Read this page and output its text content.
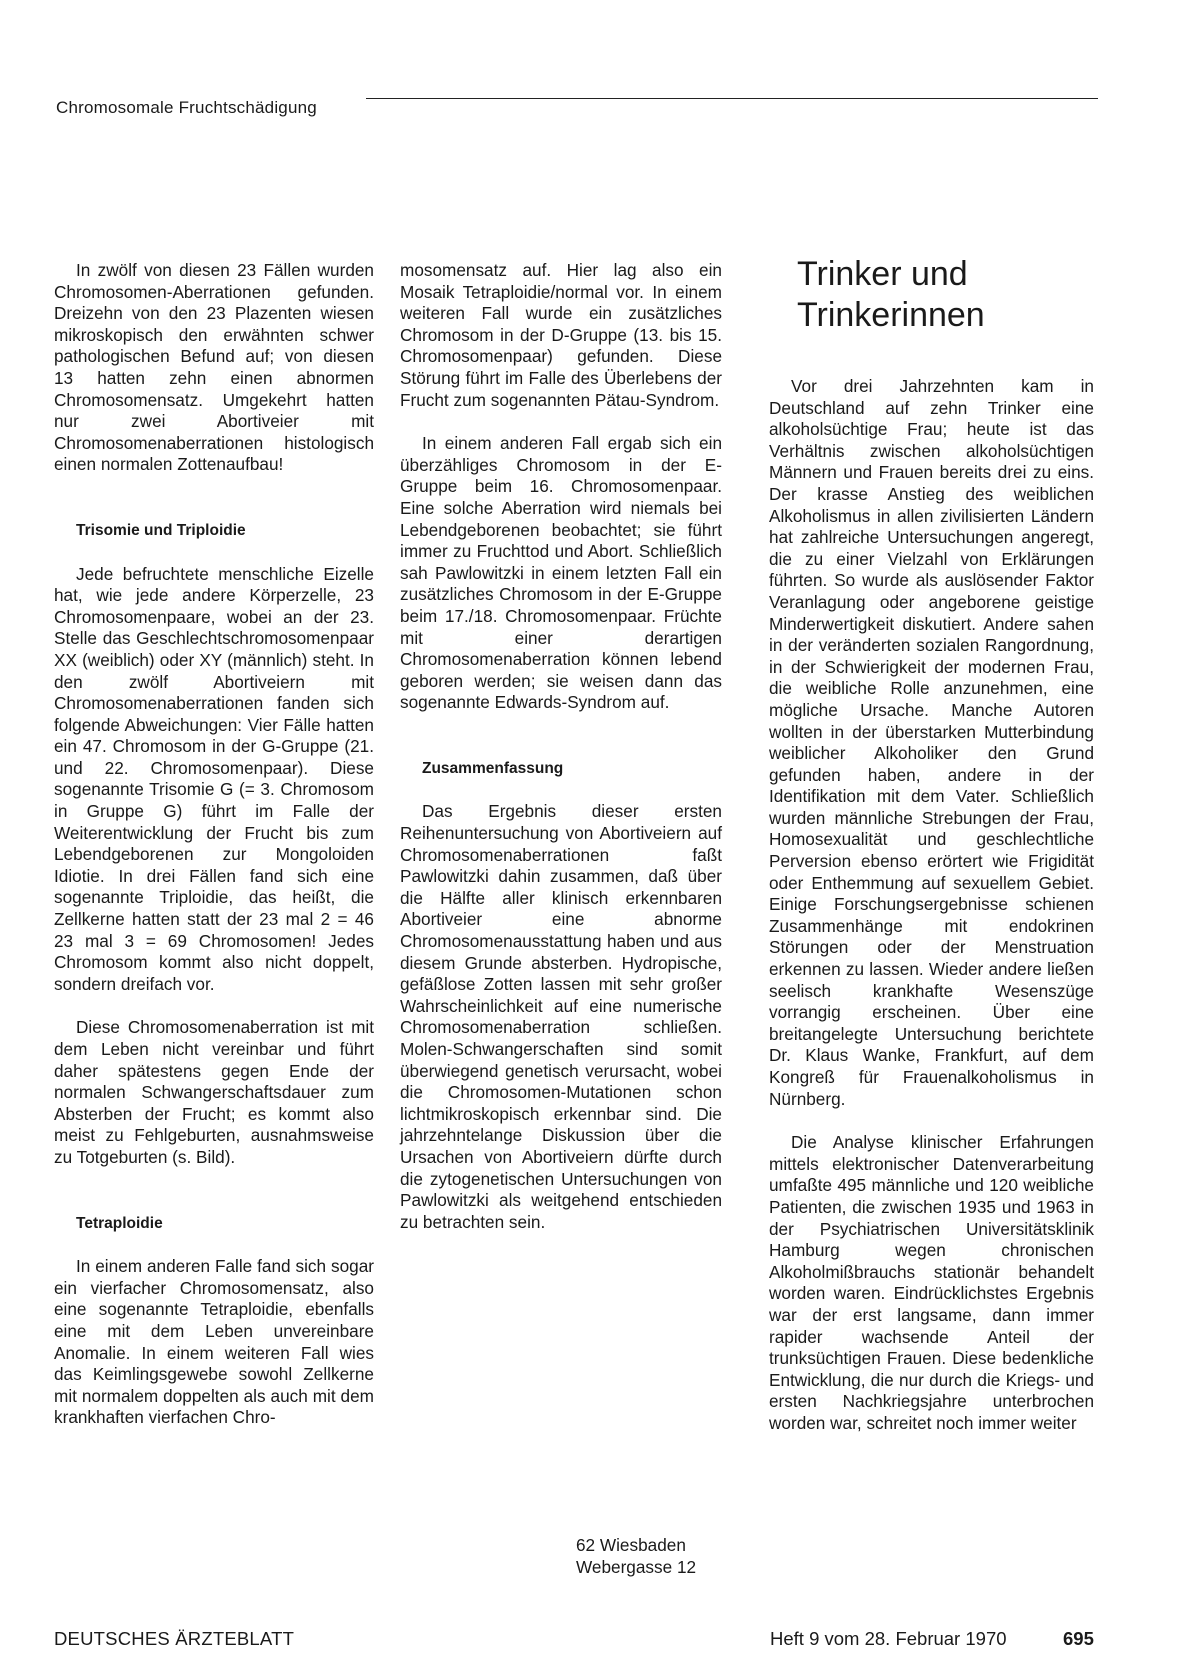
Chromosomale Fruchtschädigung

In zwölf von diesen 23 Fällen wurden Chromosomen-Aberrationen gefunden. Dreizehn von den 23 Plazenten wiesen mikroskopisch den erwähnten schwer pathologischen Befund auf; von diesen 13 hatten zehn einen abnormen Chromosomensatz. Umgekehrt hatten nur zwei Abortiveier mit Chromosomenaberrationen histologisch einen normalen Zottenaufbau!

Trisomie und Triploidie

Jede befruchtete menschliche Eizelle hat, wie jede andere Körperzelle, 23 Chromosomenpaare, wobei an der 23. Stelle das Geschlechtschromosomenpaar XX (weiblich) oder XY (männlich) steht. In den zwölf Abortiveiern mit Chromosomenaberrationen fanden sich folgende Abweichungen: Vier Fälle hatten ein 47. Chromosom in der G-Gruppe (21. und 22. Chromosomenpaar). Diese sogenannte Trisomie G (= 3. Chromosom in Gruppe G) führt im Falle der Weiterentwicklung der Frucht bis zum Lebendgeborenen zur Mongoloiden Idiotie. In drei Fällen fand sich eine sogenannte Triploidie, das heißt, die Zellkerne hatten statt der 23 mal 2 = 46 23 mal 3 = 69 Chromosomen! Jedes Chromosom kommt also nicht doppelt, sondern dreifach vor.

Diese Chromosomenaberration ist mit dem Leben nicht vereinbar und führt daher spätestens gegen Ende der normalen Schwangerschaftsdauer zum Absterben der Frucht; es kommt also meist zu Fehlgeburten, ausnahmsweise zu Totgeburten (s. Bild).

Tetraploidie

In einem anderen Falle fand sich sogar ein vierfacher Chromosomensatz, also eine sogenannte Tetraploidie, ebenfalls eine mit dem Leben unvereinbare Anomalie. In einem weiteren Fall wies das Keimlingsgewebe sowohl Zellkerne mit normalem doppelten als auch mit dem krankhaften vierfachen Chro-

mosomensatz auf. Hier lag also ein Mosaik Tetraploidie/normal vor. In einem weiteren Fall wurde ein zusätzliches Chromosom in der D-Gruppe (13. bis 15. Chromosomenpaar) gefunden. Diese Störung führt im Falle des Überlebens der Frucht zum sogenannten Pätau-Syndrom.

In einem anderen Fall ergab sich ein überzähliges Chromosom in der E-Gruppe beim 16. Chromosomenpaar. Eine solche Aberration wird niemals bei Lebendgeborenen beobachtet; sie führt immer zu Fruchttod und Abort. Schließlich sah Pawlowitzki in einem letzten Fall ein zusätzliches Chromosom in der E-Gruppe beim 17./18. Chromosomenpaar. Früchte mit einer derartigen Chromosomenaberration können lebend geboren werden; sie weisen dann das sogenannte Edwards-Syndrom auf.

Zusammenfassung

Das Ergebnis dieser ersten Reihenuntersuchung von Abortiveiern auf Chromosomenaberrationen faßt Pawlowitzki dahin zusammen, daß über die Hälfte aller klinisch erkennbaren Abortiveier eine abnorme Chromosomenausstattung haben und aus diesem Grunde absterben. Hydropische, gefäßlose Zotten lassen mit sehr großer Wahrscheinlichkeit auf eine numerische Chromosomenaberration schließen. Molen-Schwangerschaften sind somit überwiegend genetisch verursacht, wobei die Chromosomen-Mutationen schon lichtmikroskopisch erkennbar sind. Die jahrzehntelange Diskussion über die Ursachen von Abortiveiern dürfte durch die zytogenetischen Untersuchungen von Pawlowitzki als weitgehend entschieden zu betrachten sein.

62 Wiesbaden
Webergasse 12
Trinker und
Trinkerinnen

Vor drei Jahrzehnten kam in Deutschland auf zehn Trinker eine alkoholsüchtige Frau; heute ist das Verhältnis zwischen alkoholsüchtigen Männern und Frauen bereits drei zu eins. Der krasse Anstieg des weiblichen Alkoholismus in allen zivilisierten Ländern hat zahlreiche Untersuchungen angeregt, die zu einer Vielzahl von Erklärungen führten. So wurde als auslösender Faktor Veranlagung oder angeborene geistige Minderwertigkeit diskutiert. Andere sahen in der veränderten sozialen Rangordnung, in der Schwierigkeit der modernen Frau, die weibliche Rolle anzunehmen, eine mögliche Ursache. Manche Autoren wollten in der überstarken Mutterbindung weiblicher Alkoholiker den Grund gefunden haben, andere in der Identifikation mit dem Vater. Schließlich wurden männliche Strebungen der Frau, Homosexualität und geschlechtliche Perversion ebenso erörtert wie Frigidität oder Enthemmung auf sexuellem Gebiet. Einige Forschungsergebnisse schienen Zusammenhänge mit endokrinen Störungen oder der Menstruation erkennen zu lassen. Wieder andere ließen seelisch krankhafte Wesenszüge vorrangig erscheinen. Über eine breitangelegte Untersuchung berichtete Dr. Klaus Wanke, Frankfurt, auf dem Kongreß für Frauenalkoholismus in Nürnberg.

Die Analyse klinischer Erfahrungen mittels elektronischer Datenverarbeitung umfaßte 495 männliche und 120 weibliche Patienten, die zwischen 1935 und 1963 in der Psychiatrischen Universitätsklinik Hamburg wegen chronischen Alkoholmißbrauchs stationär behandelt worden waren. Eindrücklichstes Ergebnis war der erst langsame, dann immer rapider wachsende Anteil der trunksüchtigen Frauen. Diese bedenkliche Entwicklung, die nur durch die Kriegs- und ersten Nachkriegsjahre unterbrochen worden war, schreitet noch immer weiter

DEUTSCHES ÄRZTEBLATT	Heft 9 vom 28. Februar 1970	695
